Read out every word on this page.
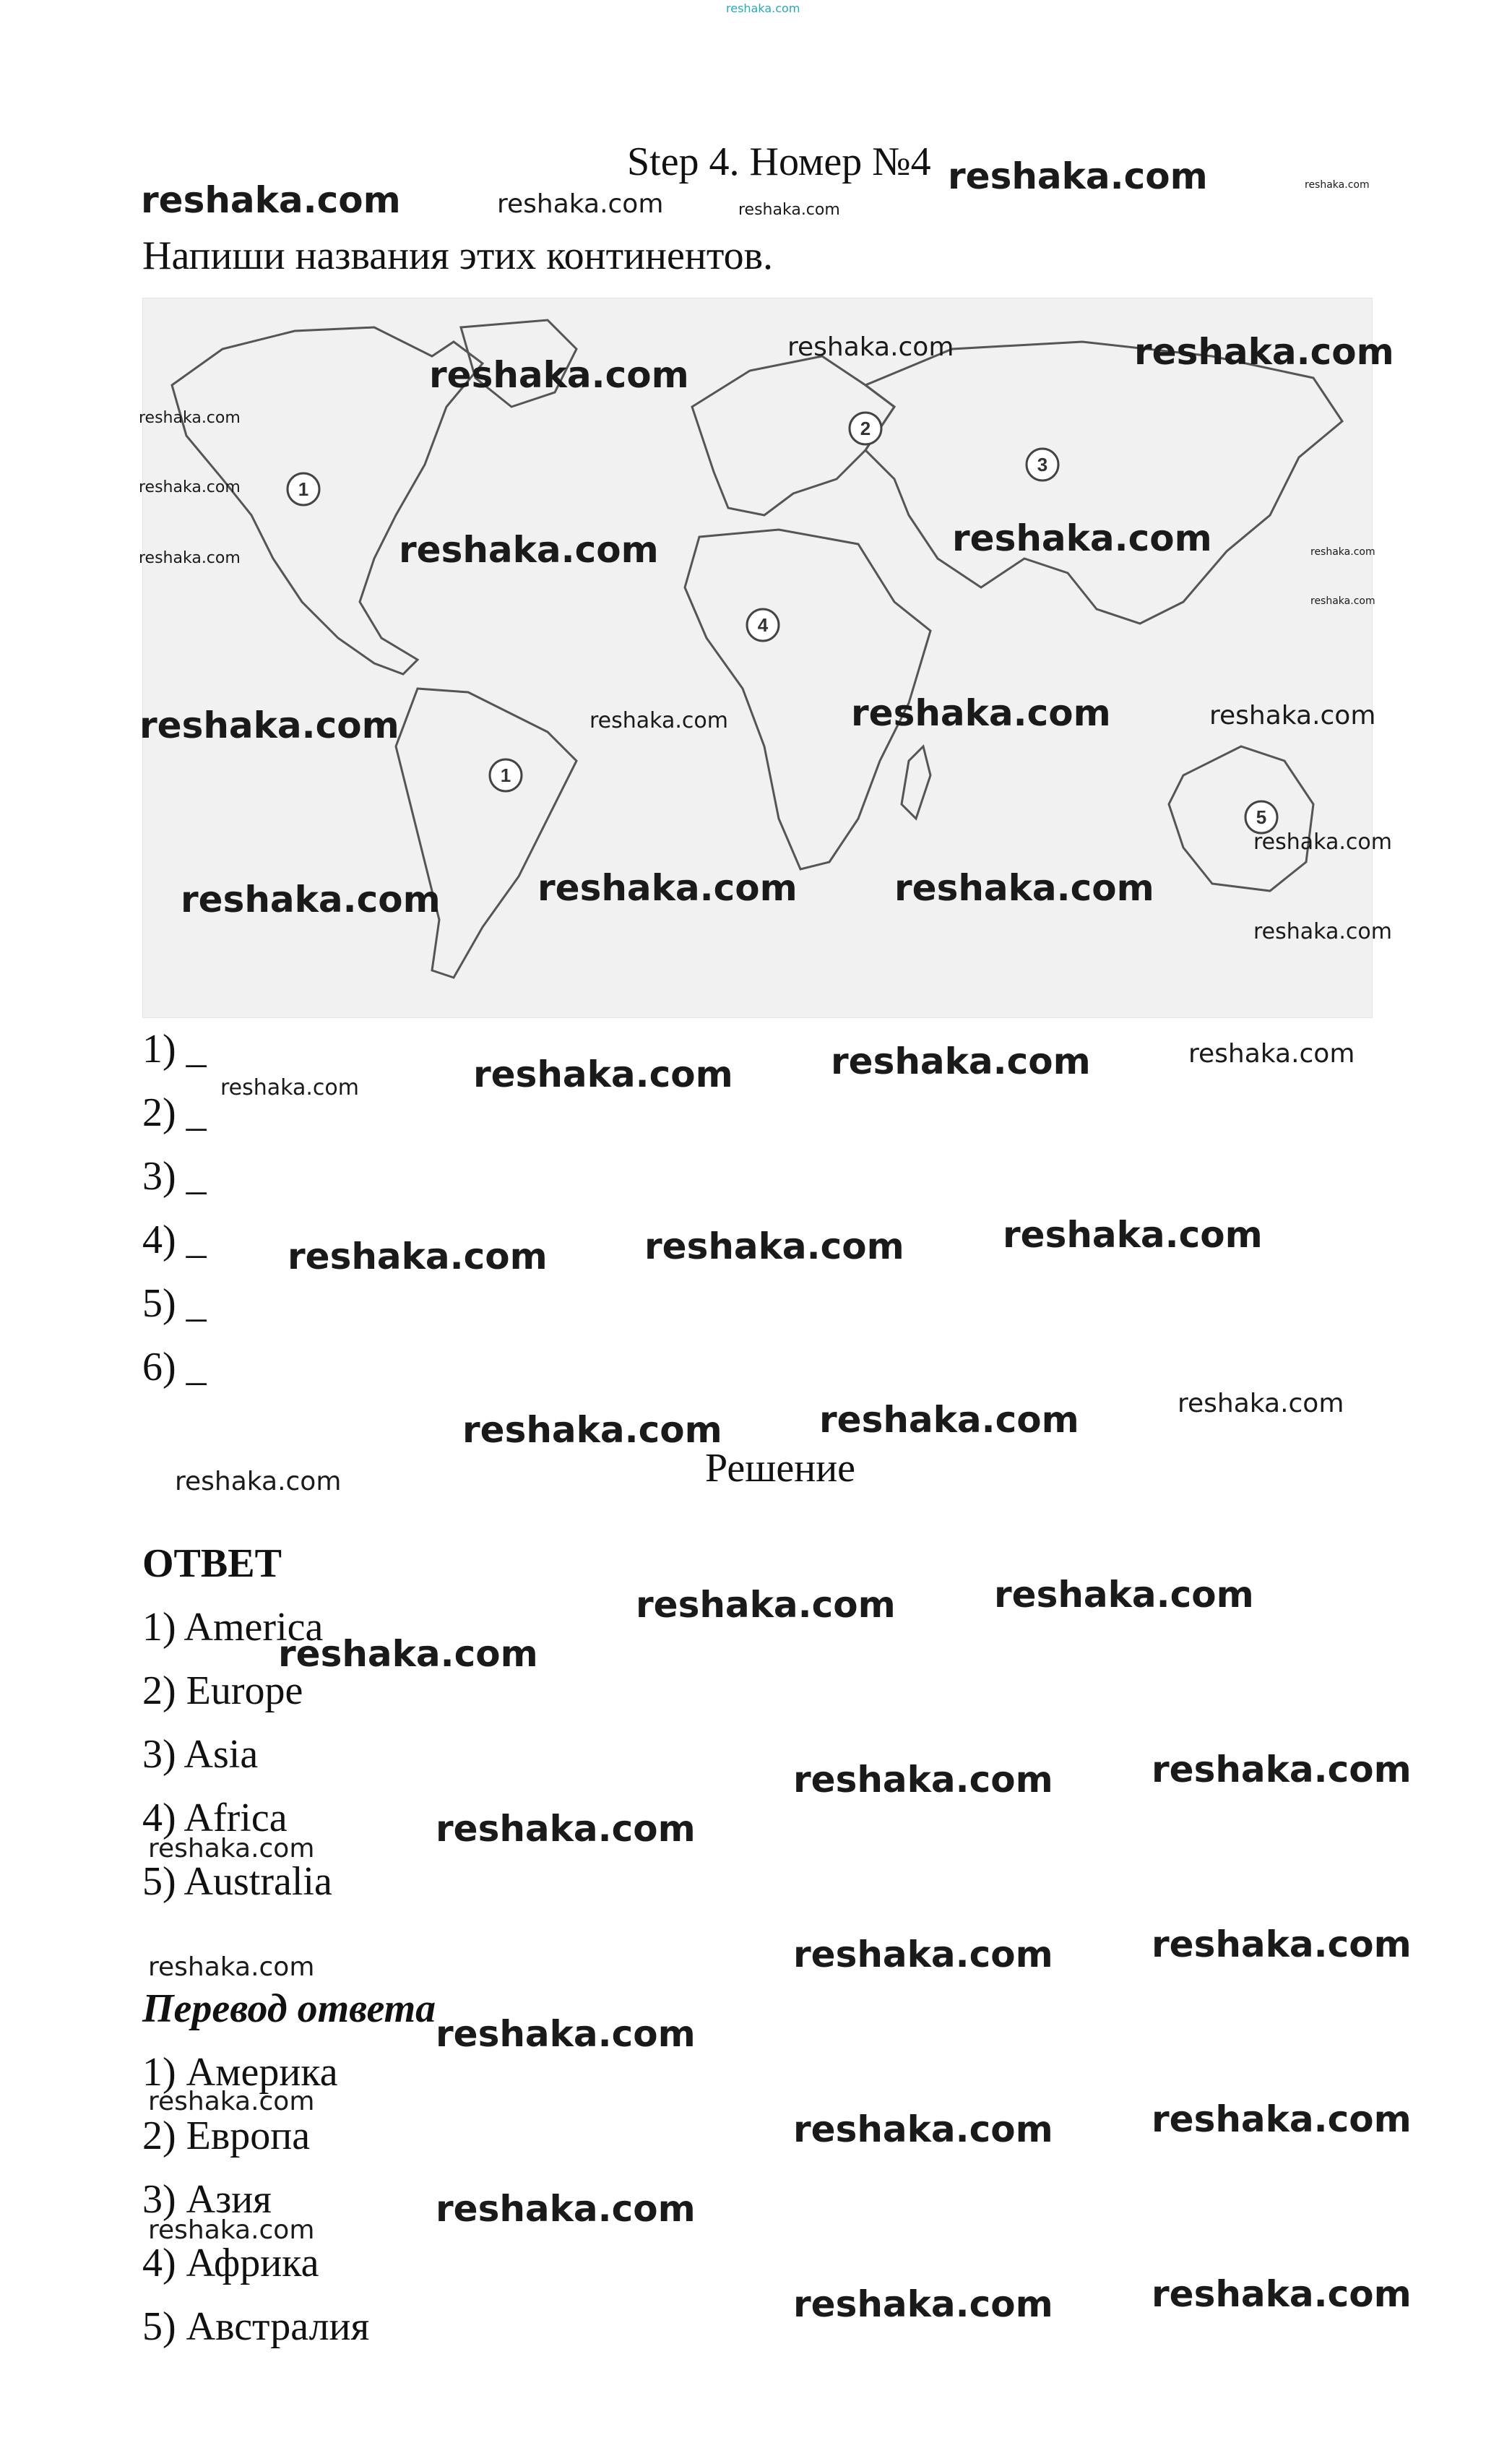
reshaka.com
Step 4. Номер №4
Напиши названия этих континентов.
1
2
3
4
1
5
1) _
2) _
3) _
4) _
5) _
6) _
Решение
ОТВЕТ
1) America
2) Europe
3) Asia
4) Africa
5) Australia
Перевод ответа
1) Америка
2) Европа
3) Азия
4) Африка
5) Австралия
reshaka.com	reshaka.com	reshaka.com
reshaka.com	reshaka.com
reshaka.com
reshaka.com	reshaka.com
reshaka.com
reshaka.com
reshaka.com	reshaka.com	reshaka.com	reshaka.com
reshaka.com
reshaka.com	reshaka.com	reshaka.com	reshaka.com
reshaka.com
reshaka.com	reshaka.com	reshaka.com
reshaka.com
reshaka.com	reshaka.com	reshaka.com	reshaka.com
reshaka.com	reshaka.com	reshaka.com
reshaka.com	reshaka.com	reshaka.com
reshaka.com
reshaka.com	reshaka.com
reshaka.com
reshaka.com	reshaka.com
reshaka.com
reshaka.com
reshaka.com	reshaka.com
reshaka.com
reshaka.com
reshaka.com
reshaka.com	reshaka.com
reshaka.com
reshaka.com
reshaka.com	reshaka.com
